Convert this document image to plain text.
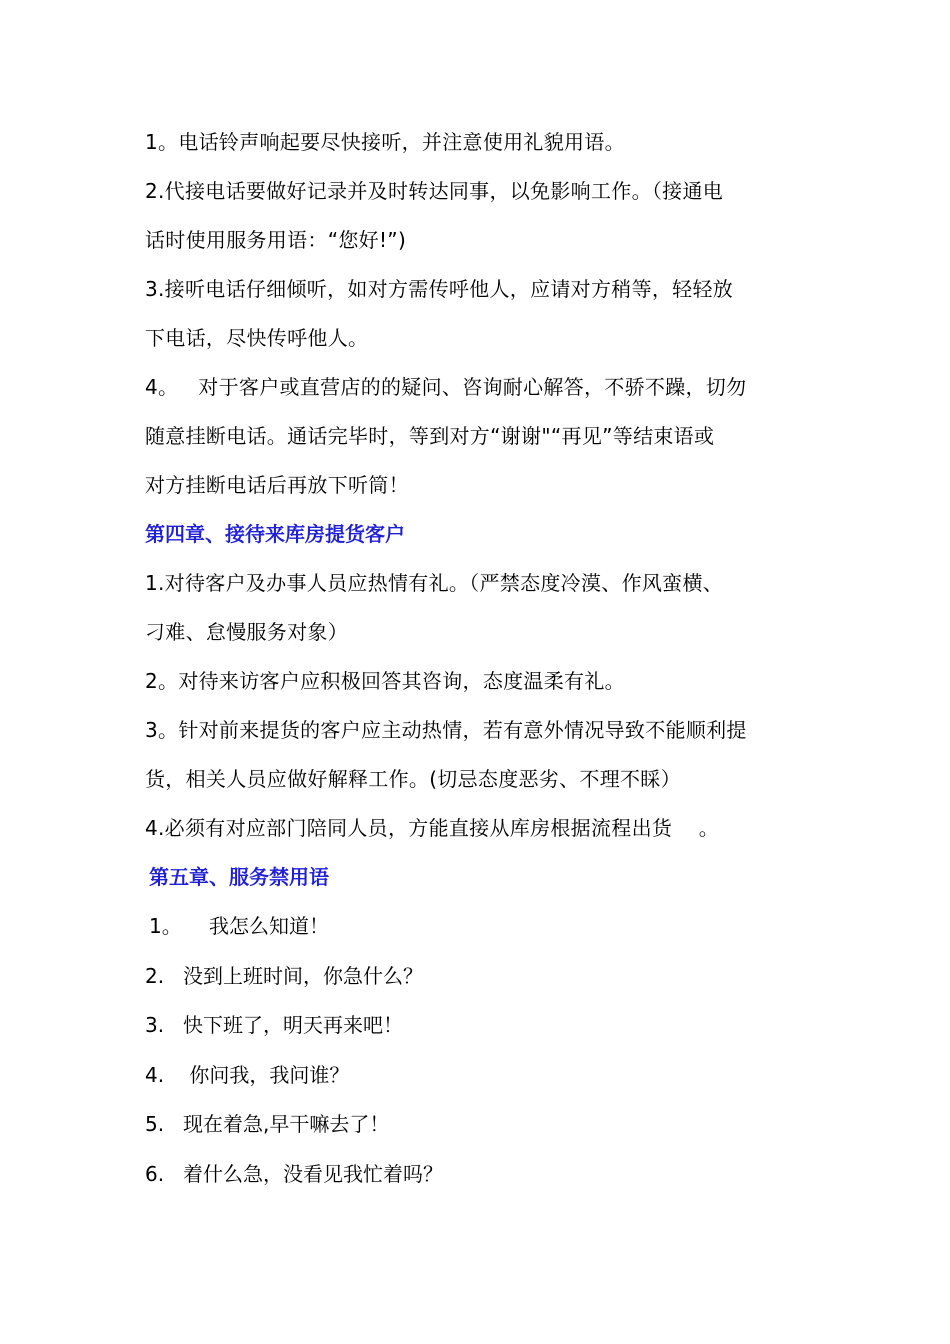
1。电话铃声响起要尽快接听，并注意使用礼貌用语。

2.代接电话要做好记录并及时转达同事，以免影响工作。（接通电

话时使用服务用语：“您好!”)

3.接听电话仔细倾听，如对方需传呼他人，应请对方稍等，轻轻放

下电话，尽快传呼他人。

4。   对于客户或直营店的的疑问、咨询耐心解答，不骄不躁，切勿

随意挂断电话。通话完毕时，等到对方“谢谢"“再见”等结束语或

对方挂断电话后再放下听筒！

第四章、接待来库房提货客户

1.对待客户及办事人员应热情有礼。（严禁态度冷漠、作风蛮横、

刁难、怠慢服务对象）

2。对待来访客户应积极回答其咨询，态度温柔有礼。

3。针对前来提货的客户应主动热情，若有意外情况导致不能顺利提

货，相关人员应做好解释工作。(切忌态度恶劣、不理不睬）

4.必须有对应部门陪同人员，方能直接从库房根据流程出货    。

第五章、服务禁用语
1。	我怎么知道！
2. 没到上班时间，你急什么？
3. 快下班了，明天再来吧！
4. 你问我，我问谁？
5. 现在着急,早干嘛去了！
6. 着什么急，没看见我忙着吗？
